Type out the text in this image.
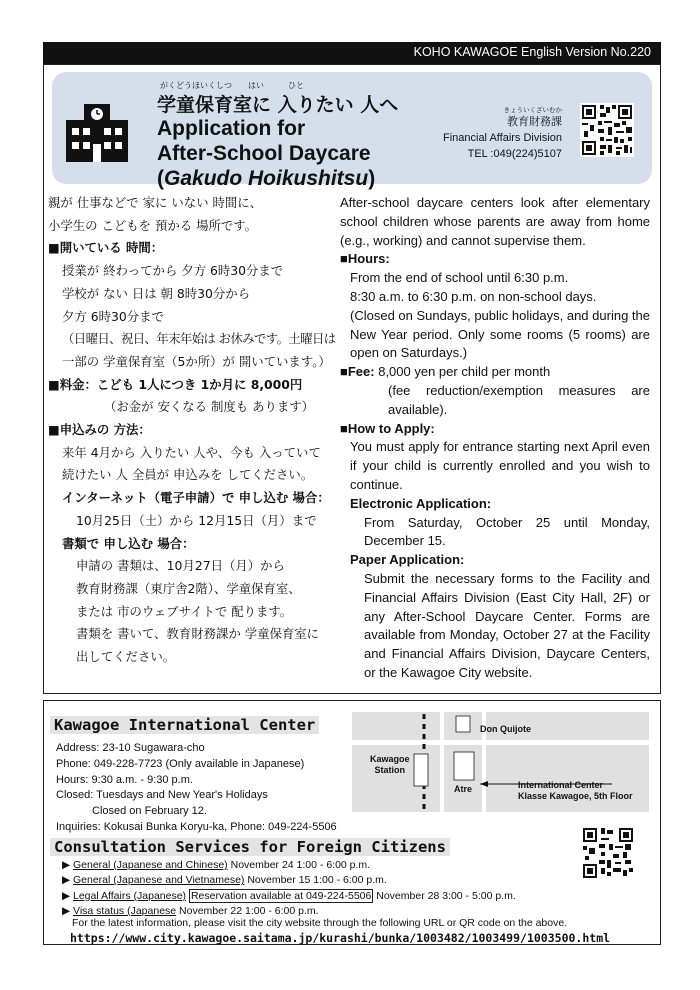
KOHO KAWAGOE English Version No.220
がくどうほいくしつ　　はい　　　ひと
学童保育室に 入りたい 人へ
Application for
After-School Daycare
(Gakudo Hoikushitsu)
きょういくざいむか
教育財務課
Financial Affairs Division
TEL :049(224)5107
親が 仕事などで 家に いない 時間に、
小学生の こどもを 預かる 場所です。
■開いている 時間：
授業が 終わってから 夕方 6時30分まで
学校が ない 日は 朝 8時30分から
夕方 6時30分まで
（日曜日、祝日、年末年始は お休みです。土曜日は
一部の 学童保育室（5か所）が 開いています。）
■料金：こども 1人につき 1か月に 8,000円
（お金が 安くなる 制度も あります）
■申込みの 方法：
来年 4月から 入りたい 人や、今も 入っていて
続けたい 人 全員が 申込みを してください。
インターネット（電子申請）で 申し込む 場合：
10月25日（土）から 12月15日（月）まで
書類で 申し込む 場合：
申請の 書類は、10月27日（月）から
教育財務課（東庁舎2階）、学童保育室、
または 市のウェブサイトで 配ります。
書類を 書いて、教育財務課か 学童保育室に
出してください。

After-school daycare centers look after elementary school children whose parents are away from home (e.g., working) and cannot supervise them.

■Hours:

From the end of school until 6:30 p.m.

8:30 a.m. to 6:30 p.m. on non-school days.

(Closed on Sundays, public holidays, and during the New Year period. Only some rooms (5 rooms) are open on Saturdays.)

■Fee: 8,000 yen per child per month

(fee reduction/exemption measures are available).

■How to Apply:

You must apply for entrance starting next April even if your child is currently enrolled and you wish to continue.

Electronic Application:

From Saturday, October 25 until Monday, December 15.

Paper Application:

Submit the necessary forms to the Facility and Financial Affairs Division (East City Hall, 2F) or any After-School Daycare Center. Forms are available from Monday, October 27 at the Facility and Financial Affairs Division, Daycare Centers, or the Kawagoe City website.

Kawagoe International Center
Address: 23-10 Sugawara-cho
Phone: 049-228-7723 (Only available in Japanese)
Hours: 9:30 a.m. - 9:30 p.m.
Closed: Tuesdays and New Year's Holidays
Closed on February 12.
Inquiries: Kokusai Bunka Koryu-ka, Phone: 049-224-5506
Don Quijote
Kawagoe
Station
Atre	International Center
Klasse Kawagoe, 5th Floor
Consultation Services for Foreign Citizens
▶ General (Japanese and Chinese) November 24 1:00 - 6:00 p.m.
▶ General (Japanese and Vietnamese) November 15 1:00 - 6:00 p.m.
▶ Legal Affairs (Japanese) Reservation available at 049-224-5506 November 28 3:00 - 5:00 p.m.
▶ Visa status (Japanese November 22 1:00 - 6:00 p.m.
For the latest information, please visit the city website through the following URL or QR code on the above.
https://www.city.kawagoe.saitama.jp/kurashi/bunka/1003482/1003499/1003500.html
